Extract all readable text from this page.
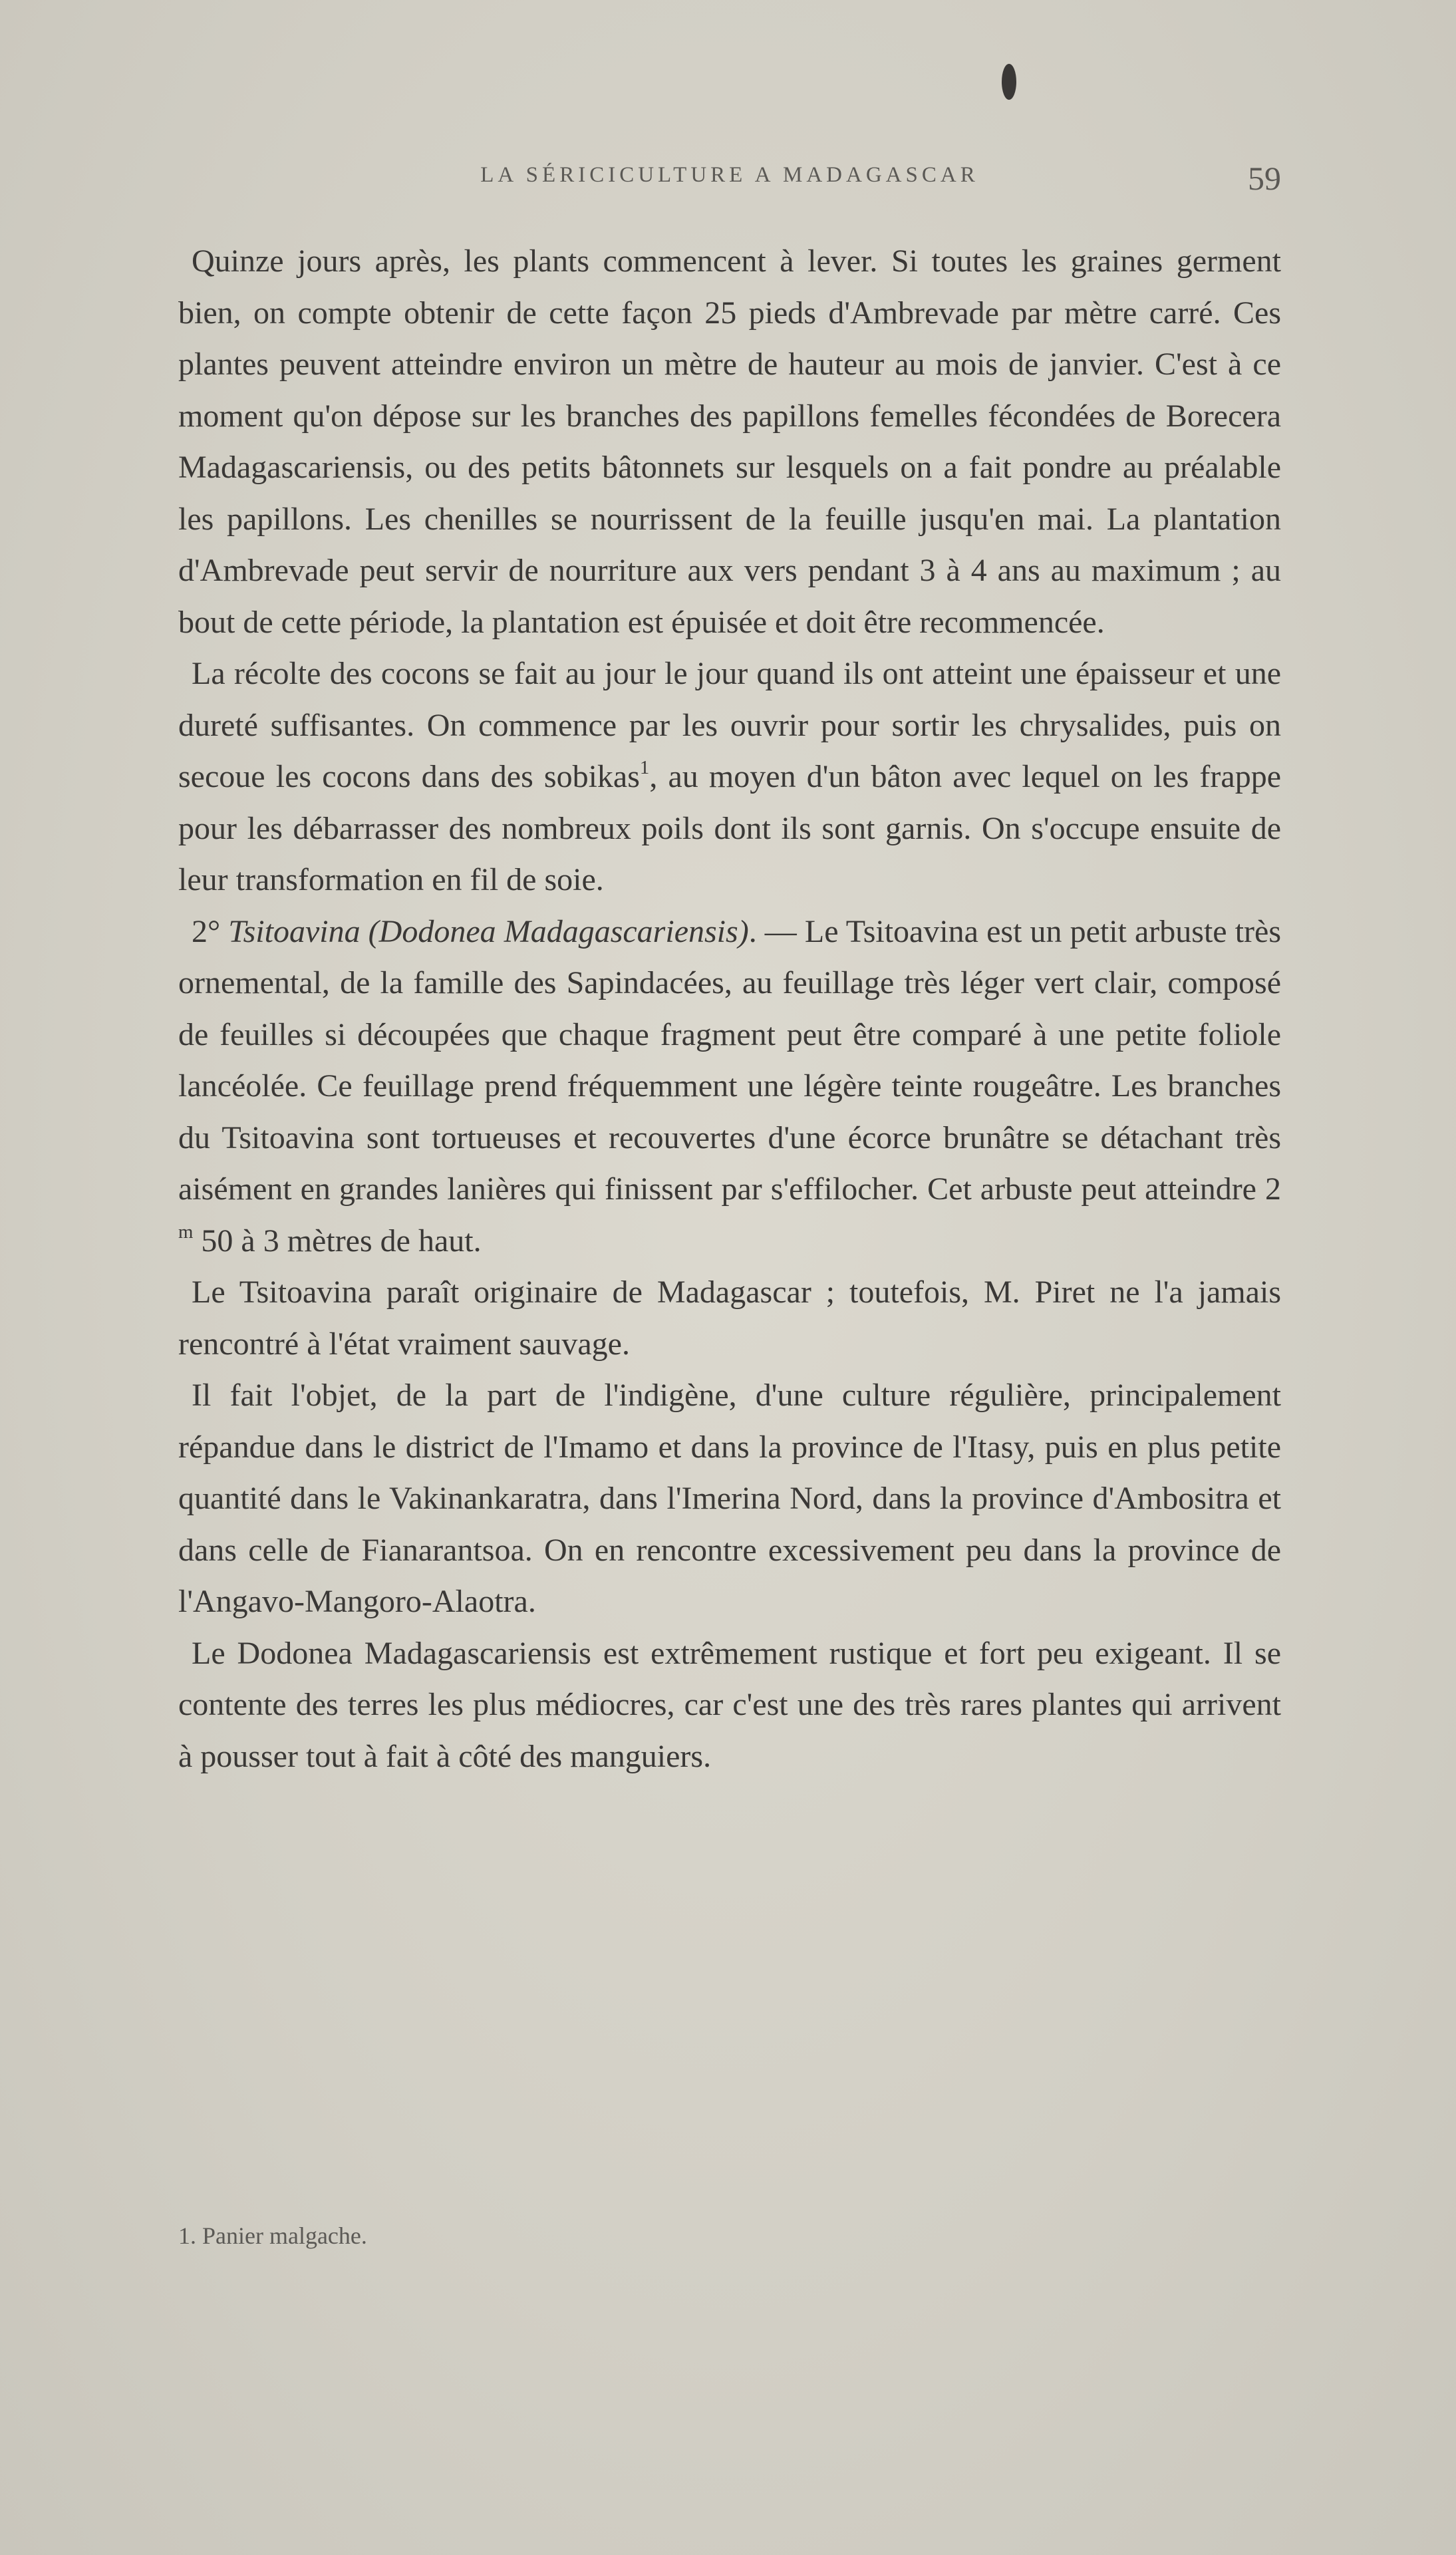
LA SÉRICICULTURE A MADAGASCAR	59

Quinze jours après, les plants commencent à lever. Si toutes les graines germent bien, on compte obtenir de cette façon 25 pieds d'Ambrevade par mètre carré. Ces plantes peuvent atteindre environ un mètre de hauteur au mois de janvier. C'est à ce moment qu'on dépose sur les branches des papillons femelles fécondées de Borecera Madagascariensis, ou des petits bâtonnets sur lesquels on a fait pondre au préalable les papillons. Les chenilles se nourrissent de la feuille jusqu'en mai. La plantation d'Ambrevade peut servir de nourriture aux vers pendant 3 à 4 ans au maximum ; au bout de cette période, la plantation est épuisée et doit être recommencée.

La récolte des cocons se fait au jour le jour quand ils ont atteint une épaisseur et une dureté suffisantes. On commence par les ouvrir pour sortir les chrysalides, puis on secoue les cocons dans des sobikas$^1$, au moyen d'un bâton avec lequel on les frappe pour les débarrasser des nombreux poils dont ils sont garnis. On s'occupe ensuite de leur transformation en fil de soie.

2° Tsitoavina (Dodonea Madagascariensis). — Le Tsitoavina est un petit arbuste très ornemental, de la famille des Sapindacées, au feuillage très léger vert clair, composé de feuilles si découpées que chaque fragment peut être comparé à une petite foliole lancéolée. Ce feuillage prend fréquemment une légère teinte rougeâtre. Les branches du Tsitoavina sont tortueuses et recouvertes d'une écorce brunâtre se détachant très aisément en grandes lanières qui finissent par s'effilocher. Cet arbuste peut atteindre 2 $^m$ 50 à 3 mètres de haut.

Le Tsitoavina paraît originaire de Madagascar ; toutefois, M. Piret ne l'a jamais rencontré à l'état vraiment sauvage.

Il fait l'objet, de la part de l'indigène, d'une culture régulière, principalement répandue dans le district de l'Imamo et dans la province de l'Itasy, puis en plus petite quantité dans le Vakinankaratra, dans l'Imerina Nord, dans la province d'Ambositra et dans celle de Fianarantsoa. On en rencontre excessivement peu dans la province de l'Angavo-Mangoro-Alaotra.

Le Dodonea Madagascariensis est extrêmement rustique et fort peu exigeant. Il se contente des terres les plus médiocres, car c'est une des très rares plantes qui arrivent à pousser tout à fait à côté des manguiers.

1. Panier malgache.
